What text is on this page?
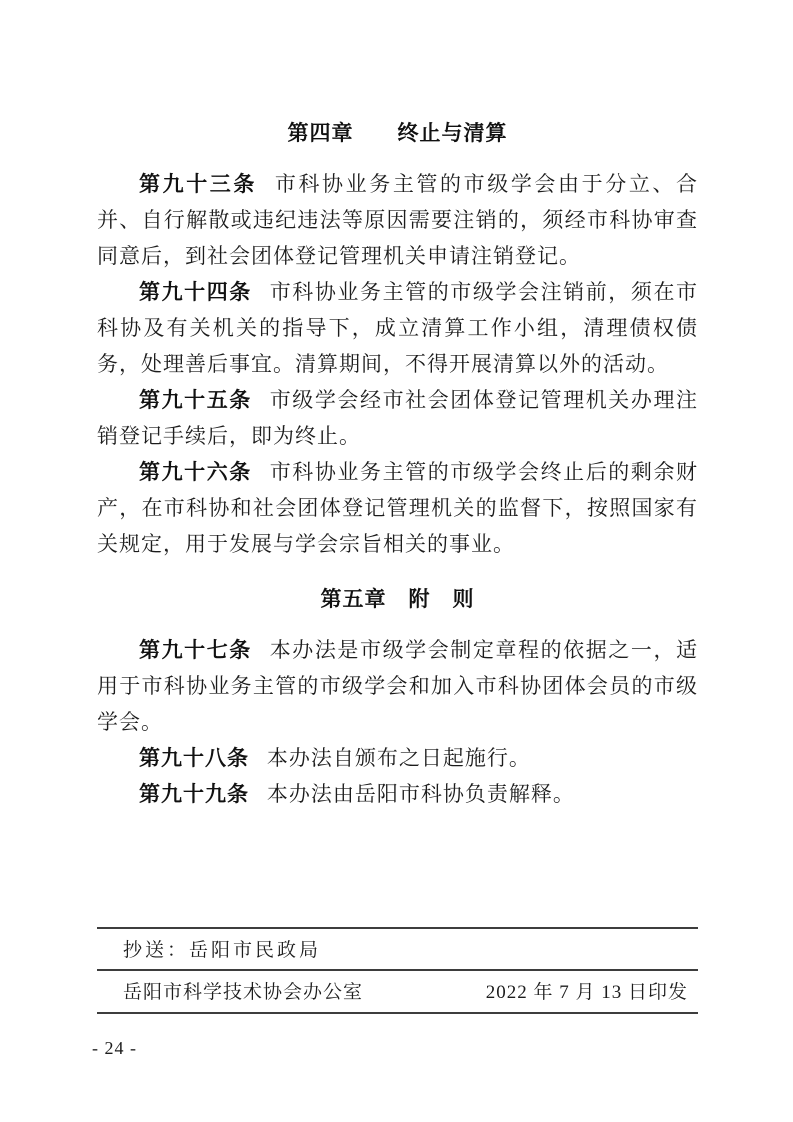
第四章　　终止与清算

第九十三条 市科协业务主管的市级学会由于分立、合并、自行解散或违纪违法等原因需要注销的，须经市科协审查同意后，到社会团体登记管理机关申请注销登记。

第九十四条 市科协业务主管的市级学会注销前，须在市科协及有关机关的指导下，成立清算工作小组，清理债权债务，处理善后事宜。清算期间，不得开展清算以外的活动。

第九十五条 市级学会经市社会团体登记管理机关办理注销登记手续后，即为终止。

第九十六条 市科协业务主管的市级学会终止后的剩余财产，在市科协和社会团体登记管理机关的监督下，按照国家有关规定，用于发展与学会宗旨相关的事业。

第五章　附　则

第九十七条 本办法是市级学会制定章程的依据之一，适用于市科协业务主管的市级学会和加入市科协团体会员的市级学会。

第九十八条 本办法自颁布之日起施行。

第九十九条 本办法由岳阳市科协负责解释。

抄送：岳阳市民政局
岳阳市科学技术协会办公室	2022 年 7 月 13 日印发
- 24 -
